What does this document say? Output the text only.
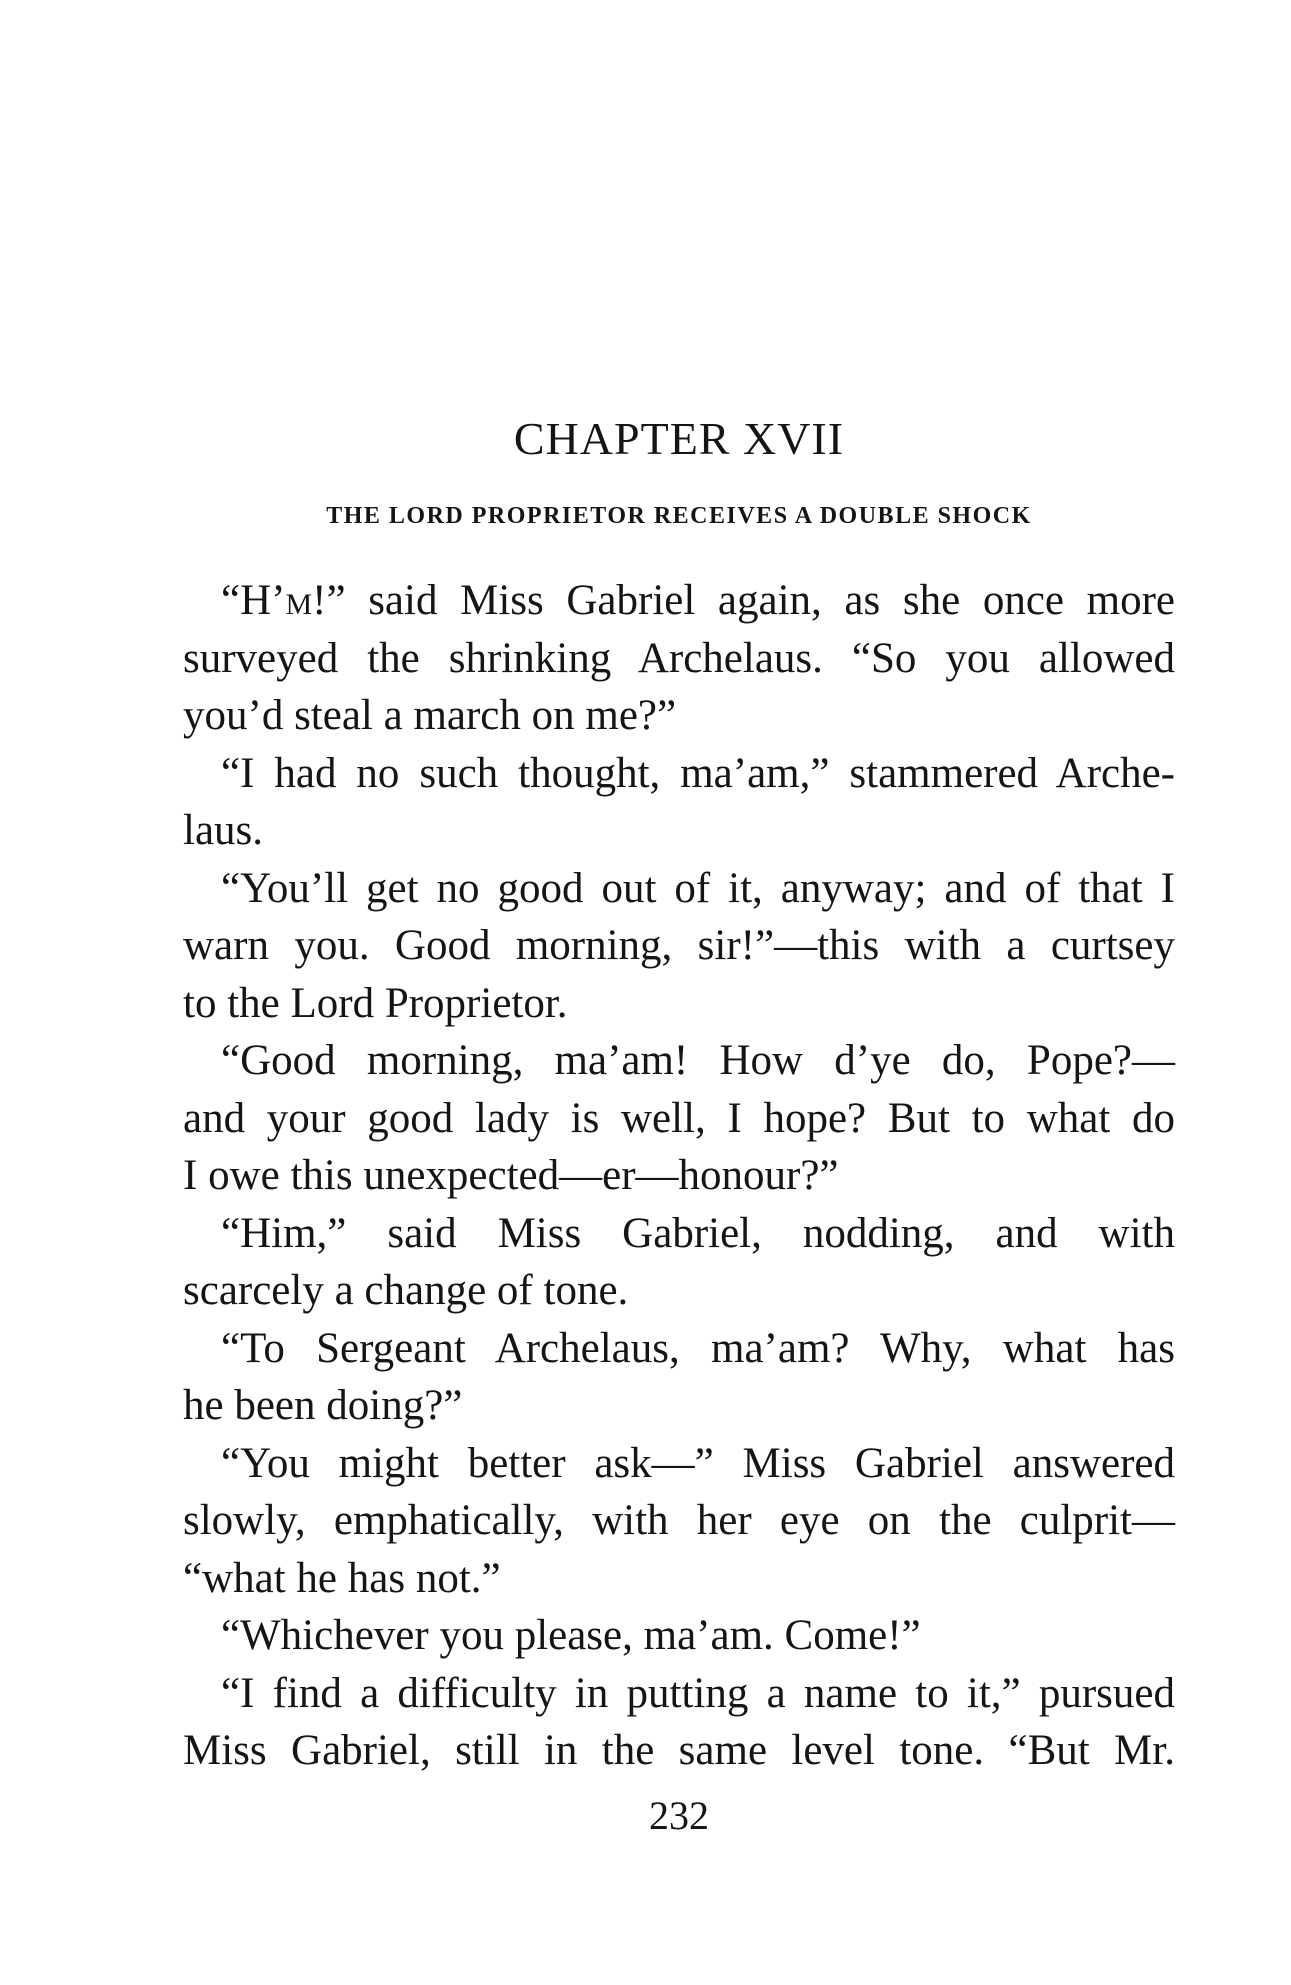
CHAPTER XVII
THE LORD PROPRIETOR RECEIVES A DOUBLE SHOCK
“H’m!” said Miss Gabriel again, as she once more
surveyed the shrinking Archelaus. “So you allowed
you’d steal a march on me?”
“I had no such thought, ma’am,” stammered Arche-
laus.
“You’ll get no good out of it, anyway; and of that I
warn you. Good morning, sir!”—this with a curtsey
to the Lord Proprietor.
“Good morning, ma’am! How d’ye do, Pope?—
and your good lady is well, I hope? But to what do
I owe this unexpected—er—honour?”
“Him,” said Miss Gabriel, nodding, and with
scarcely a change of tone.
“To Sergeant Archelaus, ma’am? Why, what has
he been doing?”
“You might better ask—” Miss Gabriel answered
slowly, emphatically, with her eye on the culprit—
“what he has not.”
“Whichever you please, ma’am. Come!”
“I find a difficulty in putting a name to it,” pursued
Miss Gabriel, still in the same level tone. “But Mr.

232
